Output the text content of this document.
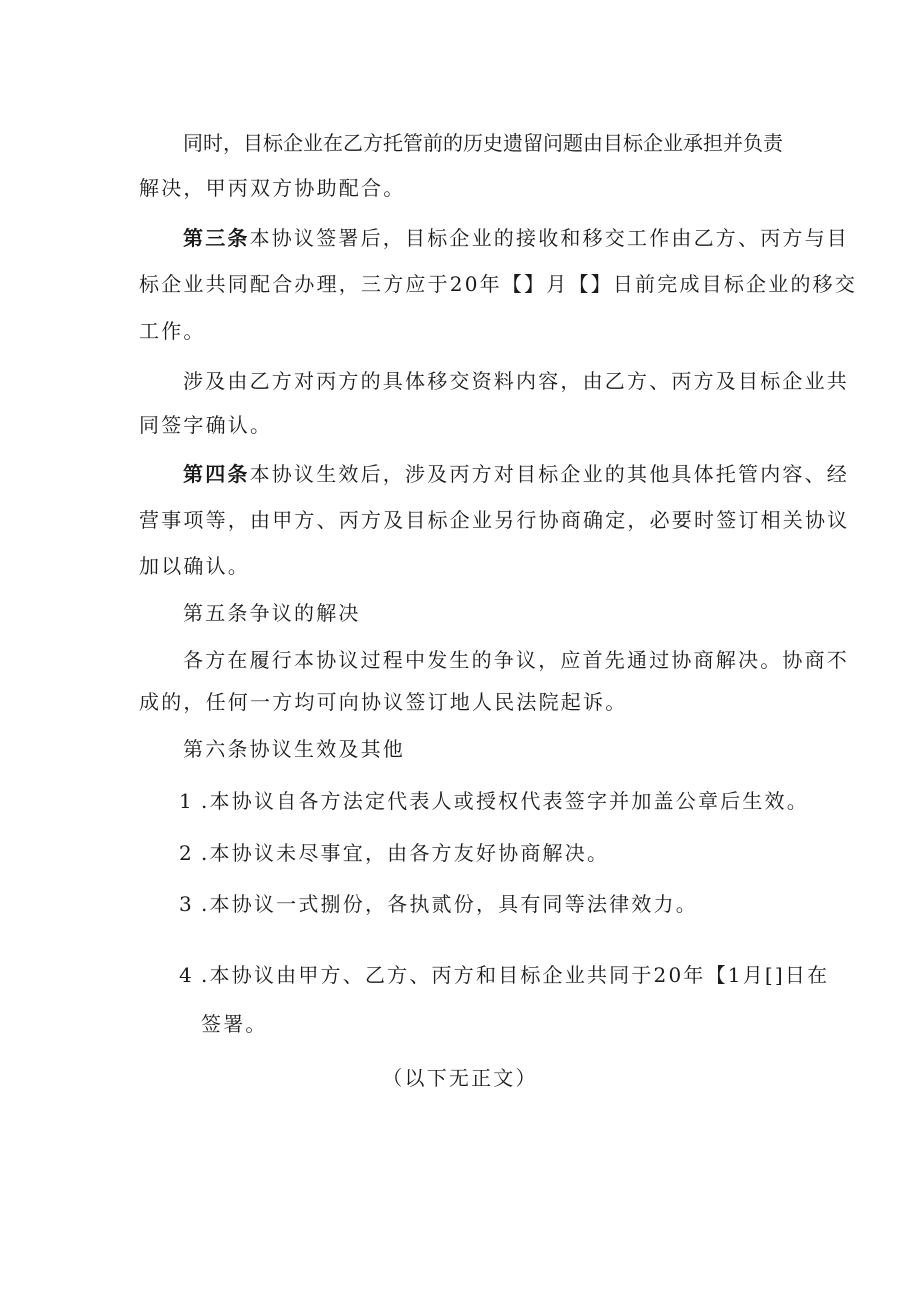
同时，目标企业在乙方托管前的历史遗留问题由目标企业承担并负责
解决，甲丙双方协助配合。
第三条本协议签署后，目标企业的接收和移交工作由乙方、丙方与目
标企业共同配合办理，三方应于20年【】月【】日前完成目标企业的移交
工作。
涉及由乙方对丙方的具体移交资料内容，由乙方、丙方及目标企业共
同签字确认。
第四条本协议生效后，涉及丙方对目标企业的其他具体托管内容、经
营事项等，由甲方、丙方及目标企业另行协商确定，必要时签订相关协议
加以确认。
第五条争议的解决
各方在履行本协议过程中发生的争议，应首先通过协商解决。协商不
成的，任何一方均可向协议签订地人民法院起诉。
第六条协议生效及其他
1 .本协议自各方法定代表人或授权代表签字并加盖公章后生效。
2 .本协议未尽事宜，由各方友好协商解决。
3 .本协议一式捌份，各执贰份，具有同等法律效力。
4 .本协议由甲方、乙方、丙方和目标企业共同于20年【1月[]日在
签署。
（以下无正文）
